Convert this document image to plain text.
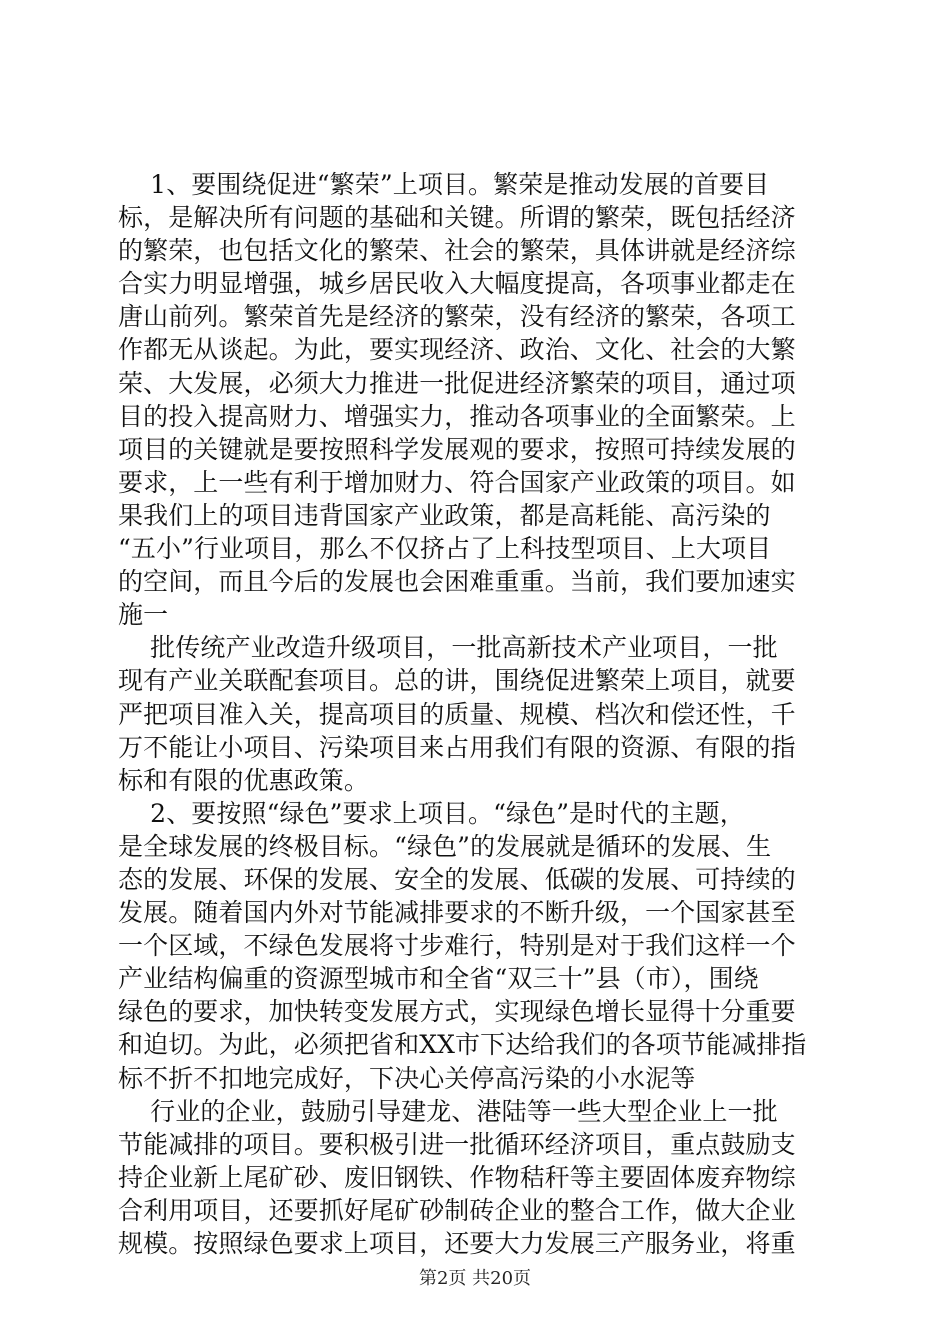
1、要围绕促进“繁荣”上项目。繁荣是推动发展的首要目
标，是解决所有问题的基础和关键。所谓的繁荣，既包括经济
的繁荣，也包括文化的繁荣、社会的繁荣，具体讲就是经济综
合实力明显增强，城乡居民收入大幅度提高，各项事业都走在
唐山前列。繁荣首先是经济的繁荣，没有经济的繁荣，各项工
作都无从谈起。为此，要实现经济、政治、文化、社会的大繁
荣、大发展，必须大力推进一批促进经济繁荣的项目，通过项
目的投入提高财力、增强实力，推动各项事业的全面繁荣。上
项目的关键就是要按照科学发展观的要求，按照可持续发展的
要求，上一些有利于增加财力、符合国家产业政策的项目。如
果我们上的项目违背国家产业政策，都是高耗能、高污染的
“五小”行业项目，那么不仅挤占了上科技型项目、上大项目
的空间，而且今后的发展也会困难重重。当前，我们要加速实
施一
批传统产业改造升级项目，一批高新技术产业项目，一批
现有产业关联配套项目。总的讲，围绕促进繁荣上项目，就要
严把项目准入关，提高项目的质量、规模、档次和偿还性，千
万不能让小项目、污染项目来占用我们有限的资源、有限的指
标和有限的优惠政策。
2、要按照“绿色”要求上项目。“绿色”是时代的主题，
是全球发展的终极目标。“绿色”的发展就是循环的发展、生
态的发展、环保的发展、安全的发展、低碳的发展、可持续的
发展。随着国内外对节能减排要求的不断升级，一个国家甚至
一个区域，不绿色发展将寸步难行，特别是对于我们这样一个
产业结构偏重的资源型城市和全省“双三十”县（市），围绕
绿色的要求，加快转变发展方式，实现绿色增长显得十分重要
和迫切。为此，必须把省和XX市下达给我们的各项节能减排指
标不折不扣地完成好，下决心关停高污染的小水泥等
行业的企业，鼓励引导建龙、港陆等一些大型企业上一批
节能减排的项目。要积极引进一批循环经济项目，重点鼓励支
持企业新上尾矿砂、废旧钢铁、作物秸秆等主要固体废弃物综
合利用项目，还要抓好尾矿砂制砖企业的整合工作，做大企业
规模。按照绿色要求上项目，还要大力发展三产服务业，将重
第2页 共20页
